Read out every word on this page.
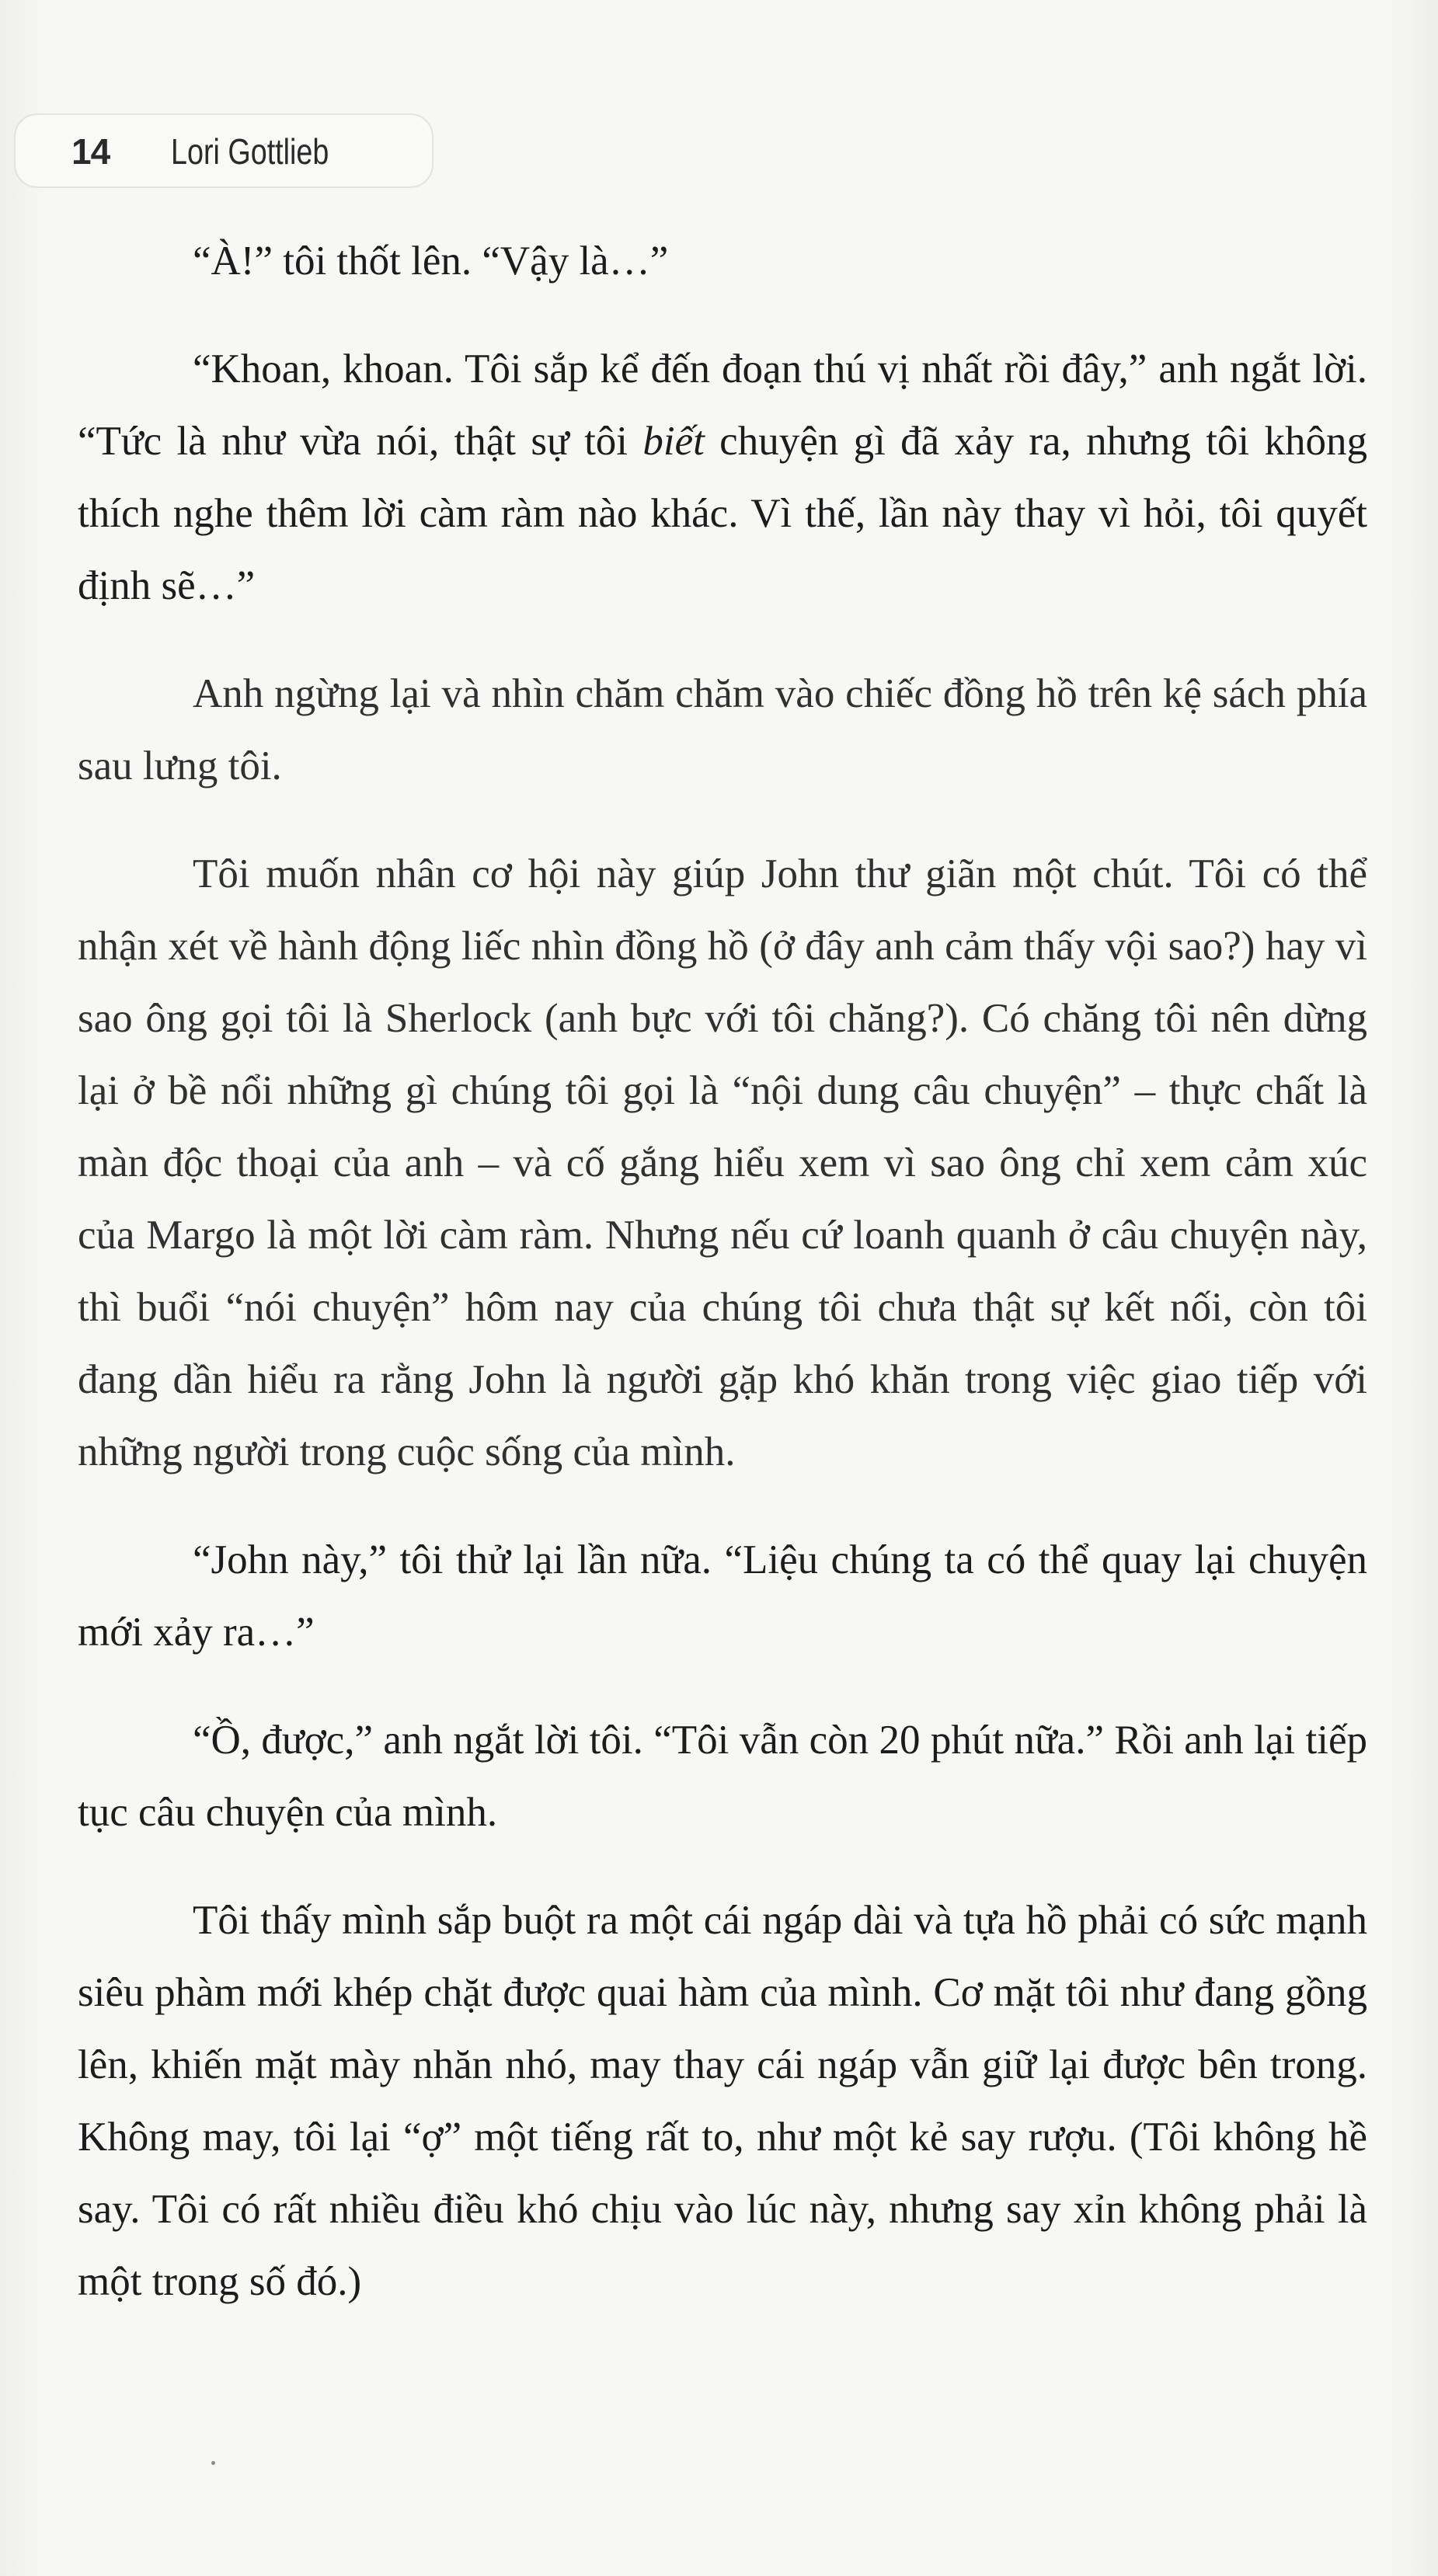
14 Lori Gottlieb

“À!” tôi thốt lên. “Vậy là…”

“Khoan, khoan. Tôi sắp kể đến đoạn thú vị nhất rồi đây,” anh ngắt lời. “Tức là như vừa nói, thật sự tôi biết chuyện gì đã xảy ra, nhưng tôi không thích nghe thêm lời càm ràm nào khác. Vì thế, lần này thay vì hỏi, tôi quyết định sẽ…”

Anh ngừng lại và nhìn chăm chăm vào chiếc đồng hồ trên kệ sách phía sau lưng tôi.

Tôi muốn nhân cơ hội này giúp John thư giãn một chút. Tôi có thể nhận xét về hành động liếc nhìn đồng hồ (ở đây anh cảm thấy vội sao?) hay vì sao ông gọi tôi là Sherlock (anh bực với tôi chăng?). Có chăng tôi nên dừng lại ở bề nổi những gì chúng tôi gọi là “nội dung câu chuyện” – thực chất là màn độc thoại của anh – và cố gắng hiểu xem vì sao ông chỉ xem cảm xúc của Margo là một lời càm ràm. Nhưng nếu cứ loanh quanh ở câu chuyện này, thì buổi “nói chuyện” hôm nay của chúng tôi chưa thật sự kết nối, còn tôi đang dần hiểu ra rằng John là người gặp khó khăn trong việc giao tiếp với những người trong cuộc sống của mình.

“John này,” tôi thử lại lần nữa. “Liệu chúng ta có thể quay lại chuyện mới xảy ra…”

“Ồ, được,” anh ngắt lời tôi. “Tôi vẫn còn 20 phút nữa.” Rồi anh lại tiếp tục câu chuyện của mình.

Tôi thấy mình sắp buột ra một cái ngáp dài và tựa hồ phải có sức mạnh siêu phàm mới khép chặt được quai hàm của mình. Cơ mặt tôi như đang gồng lên, khiến mặt mày nhăn nhó, may thay cái ngáp vẫn giữ lại được bên trong. Không may, tôi lại “ợ” một tiếng rất to, như một kẻ say rượu. (Tôi không hề say. Tôi có rất nhiều điều khó chịu vào lúc này, nhưng say xỉn không phải là một trong số đó.)
